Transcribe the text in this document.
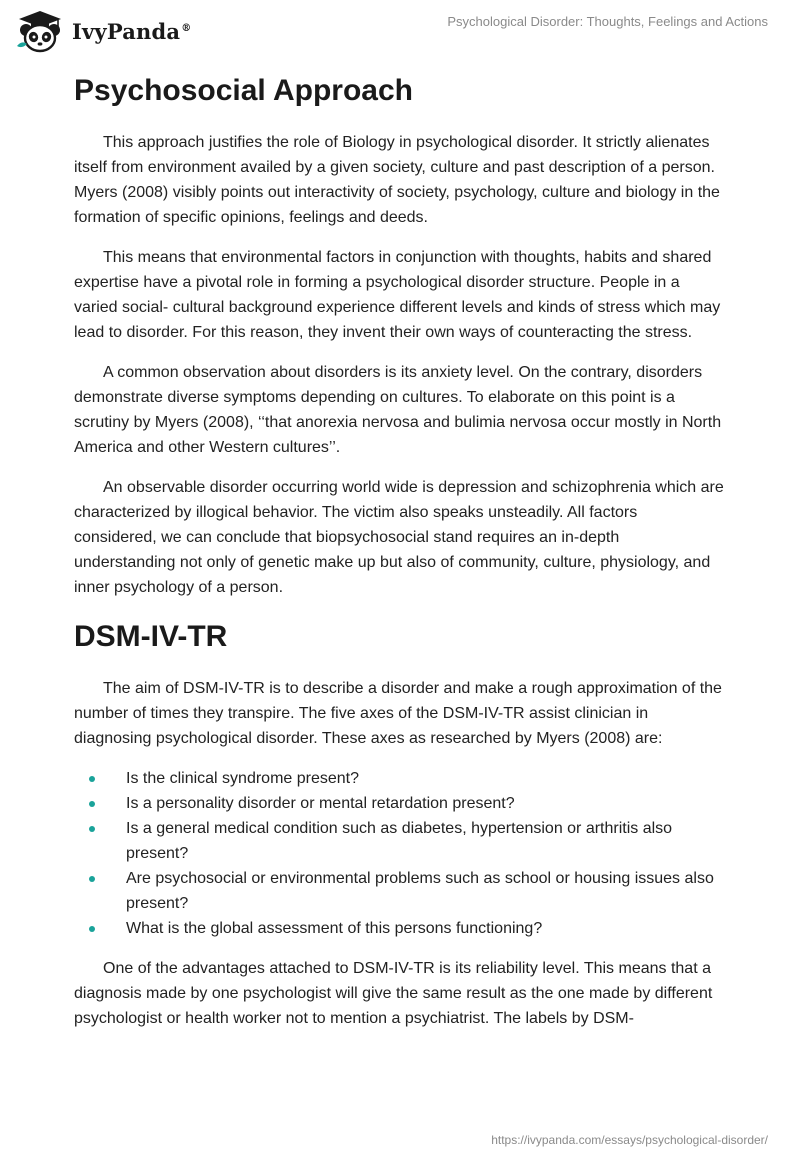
IvyPanda®	Psychological Disorder: Thoughts, Feelings and Actions
Psychosocial Approach

This approach justifies the role of Biology in psychological disorder. It strictly alienates itself from environment availed by a given society, culture and past description of a person. Myers (2008) visibly points out interactivity of society, psychology, culture and biology in the formation of specific opinions, feelings and deeds.

This means that environmental factors in conjunction with thoughts, habits and shared expertise have a pivotal role in forming a psychological disorder structure. People in a varied social- cultural background experience different levels and kinds of stress which may lead to disorder. For this reason, they invent their own ways of counteracting the stress.

A common observation about disorders is its anxiety level. On the contrary, disorders demonstrate diverse symptoms depending on cultures. To elaborate on this point is a scrutiny by Myers (2008), ‘‘that anorexia nervosa and bulimia nervosa occur mostly in North America and other Western cultures’’.

An observable disorder occurring world wide is depression and schizophrenia which are characterized by illogical behavior. The victim also speaks unsteadily. All factors considered, we can conclude that biopsychosocial stand requires an in-depth understanding not only of genetic make up but also of community, culture, physiology, and inner psychology of a person.

DSM-IV-TR

The aim of DSM-IV-TR is to describe a disorder and make a rough approximation of the number of times they transpire. The five axes of the DSM-IV-TR assist clinician in diagnosing psychological disorder. These axes as researched by Myers (2008) are:

Is the clinical syndrome present?
Is a personality disorder or mental retardation present?
Is a general medical condition such as diabetes, hypertension or arthritis also present?
Are psychosocial or environmental problems such as school or housing issues also present?
What is the global assessment of this persons functioning?

One of the advantages attached to DSM-IV-TR is its reliability level. This means that a diagnosis made by one psychologist will give the same result as the one made by different psychologist or health worker not to mention a psychiatrist. The labels by DSM-

https://ivypanda.com/essays/psychological-disorder/
